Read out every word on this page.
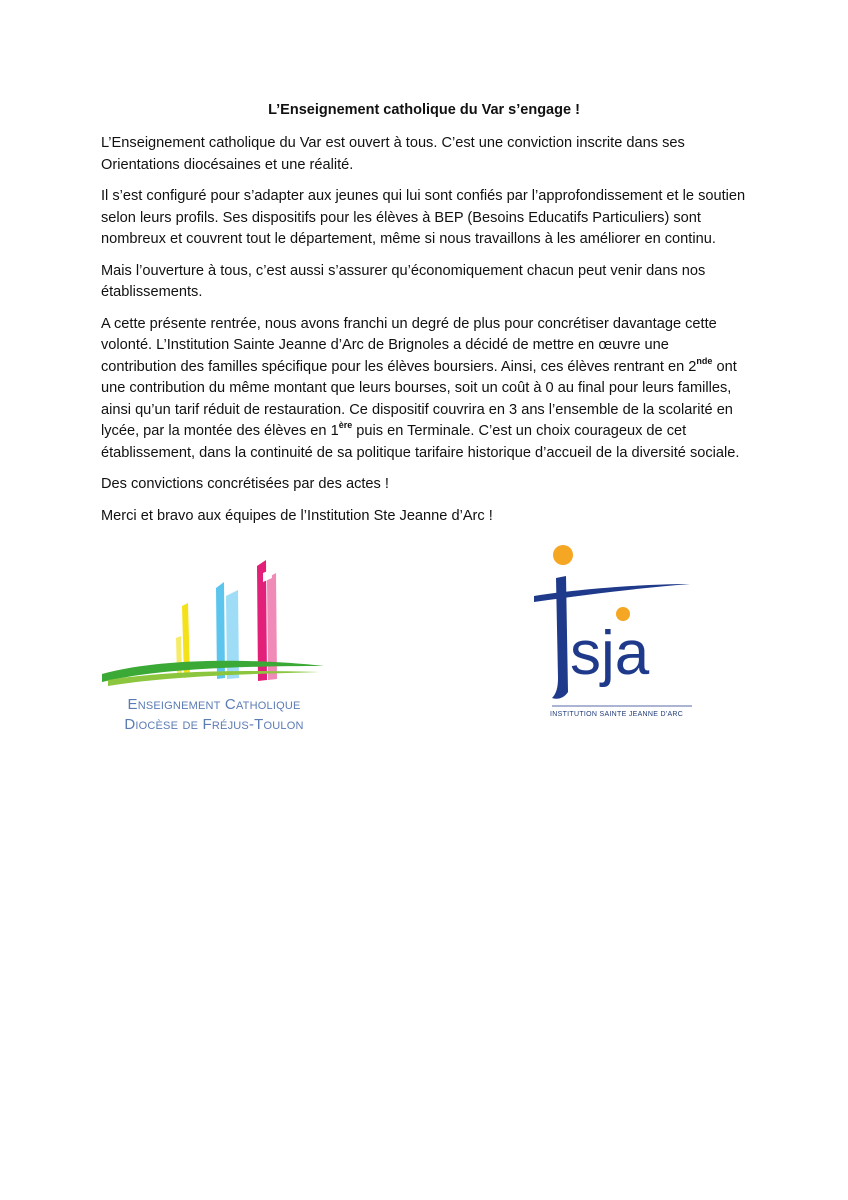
L’Enseignement catholique du Var s’engage !

L’Enseignement catholique du Var est ouvert à tous. C’est une conviction inscrite dans ses Orientations diocésaines et une réalité.

Il s’est configuré pour s’adapter aux jeunes qui lui sont confiés par l’approfondissement et le soutien selon leurs profils. Ses dispositifs pour les élèves à BEP (Besoins Educatifs Particuliers) sont nombreux et couvrent tout le département, même si nous travaillons à les améliorer en continu.

Mais l’ouverture à tous, c’est aussi s’assurer qu’économiquement chacun peut venir dans nos établissements.

A cette présente rentrée, nous avons franchi un degré de plus pour concrétiser davantage cette volonté. L’Institution Sainte Jeanne d’Arc de Brignoles a décidé de mettre en œuvre une contribution des familles spécifique pour les élèves boursiers. Ainsi, ces élèves rentrant en 2nde ont une contribution du même montant que leurs bourses, soit un coût à 0 au final pour leurs familles, ainsi qu’un tarif réduit de restauration. Ce dispositif couvrira en 3 ans l’ensemble de la scolarité en lycée, par la montée des élèves en 1ère puis en Terminale. C’est un choix courageux de cet établissement, dans la continuité de sa politique tarifaire historique d’accueil de la diversité sociale.

Des convictions concrétisées par des actes !

Merci et bravo aux équipes de l’Institution Ste Jeanne d’Arc !

Enseignement Catholique
Diocèse de Fréjus-Toulon
sja
INSTITUTION SAINTE JEANNE D'ARC
